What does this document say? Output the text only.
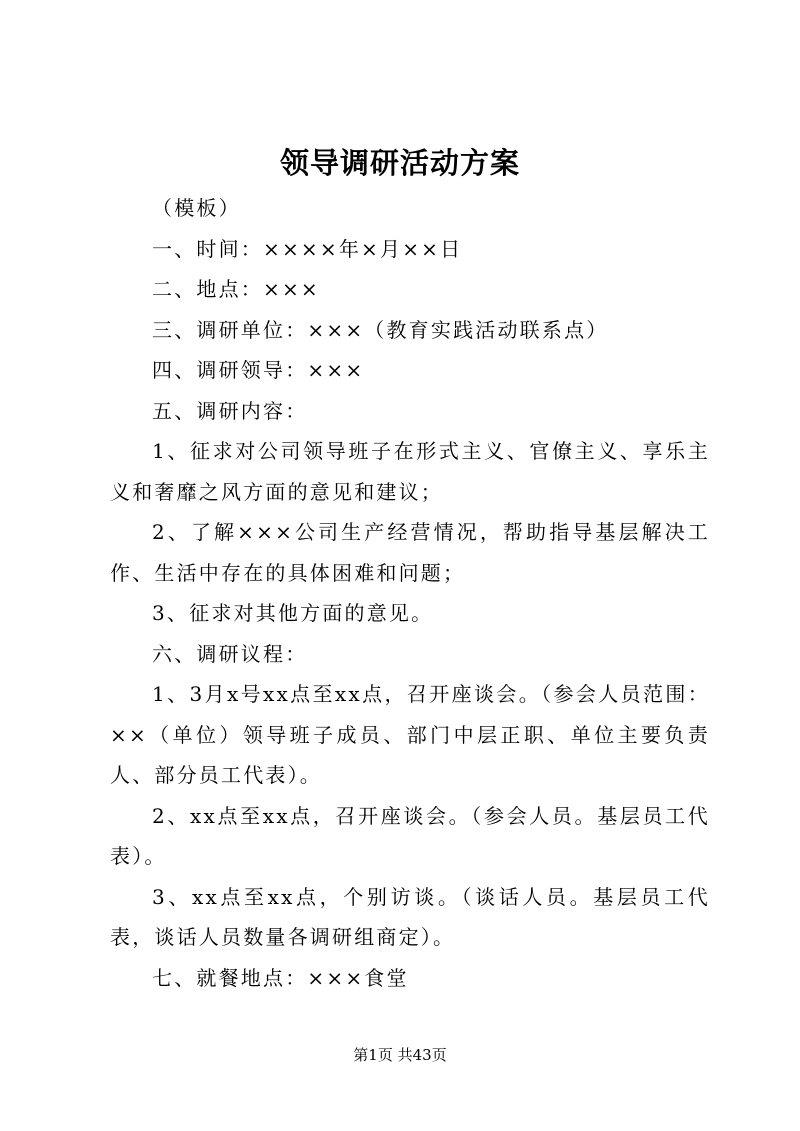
领导调研活动方案

（模板）

一、时间：××××年×月××日

二、地点：×××

三、调研单位：×××（教育实践活动联系点）

四、调研领导：×××

五、调研内容：

1、征求对公司领导班子在形式主义、官僚主义、享乐主义和奢靡之风方面的意见和建议；

2、了解×××公司生产经营情况，帮助指导基层解决工作、生活中存在的具体困难和问题；

3、征求对其他方面的意见。

六、调研议程：

1、3月x号xx点至xx点，召开座谈会。（参会人员范围：××（单位）领导班子成员、部门中层正职、单位主要负责人、部分员工代表）。

2、xx点至xx点，召开座谈会。（参会人员。基层员工代表）。

3、xx点至xx点，个别访谈。（谈话人员。基层员工代表，谈话人员数量各调研组商定）。

七、就餐地点：×××食堂

第1页 共43页
